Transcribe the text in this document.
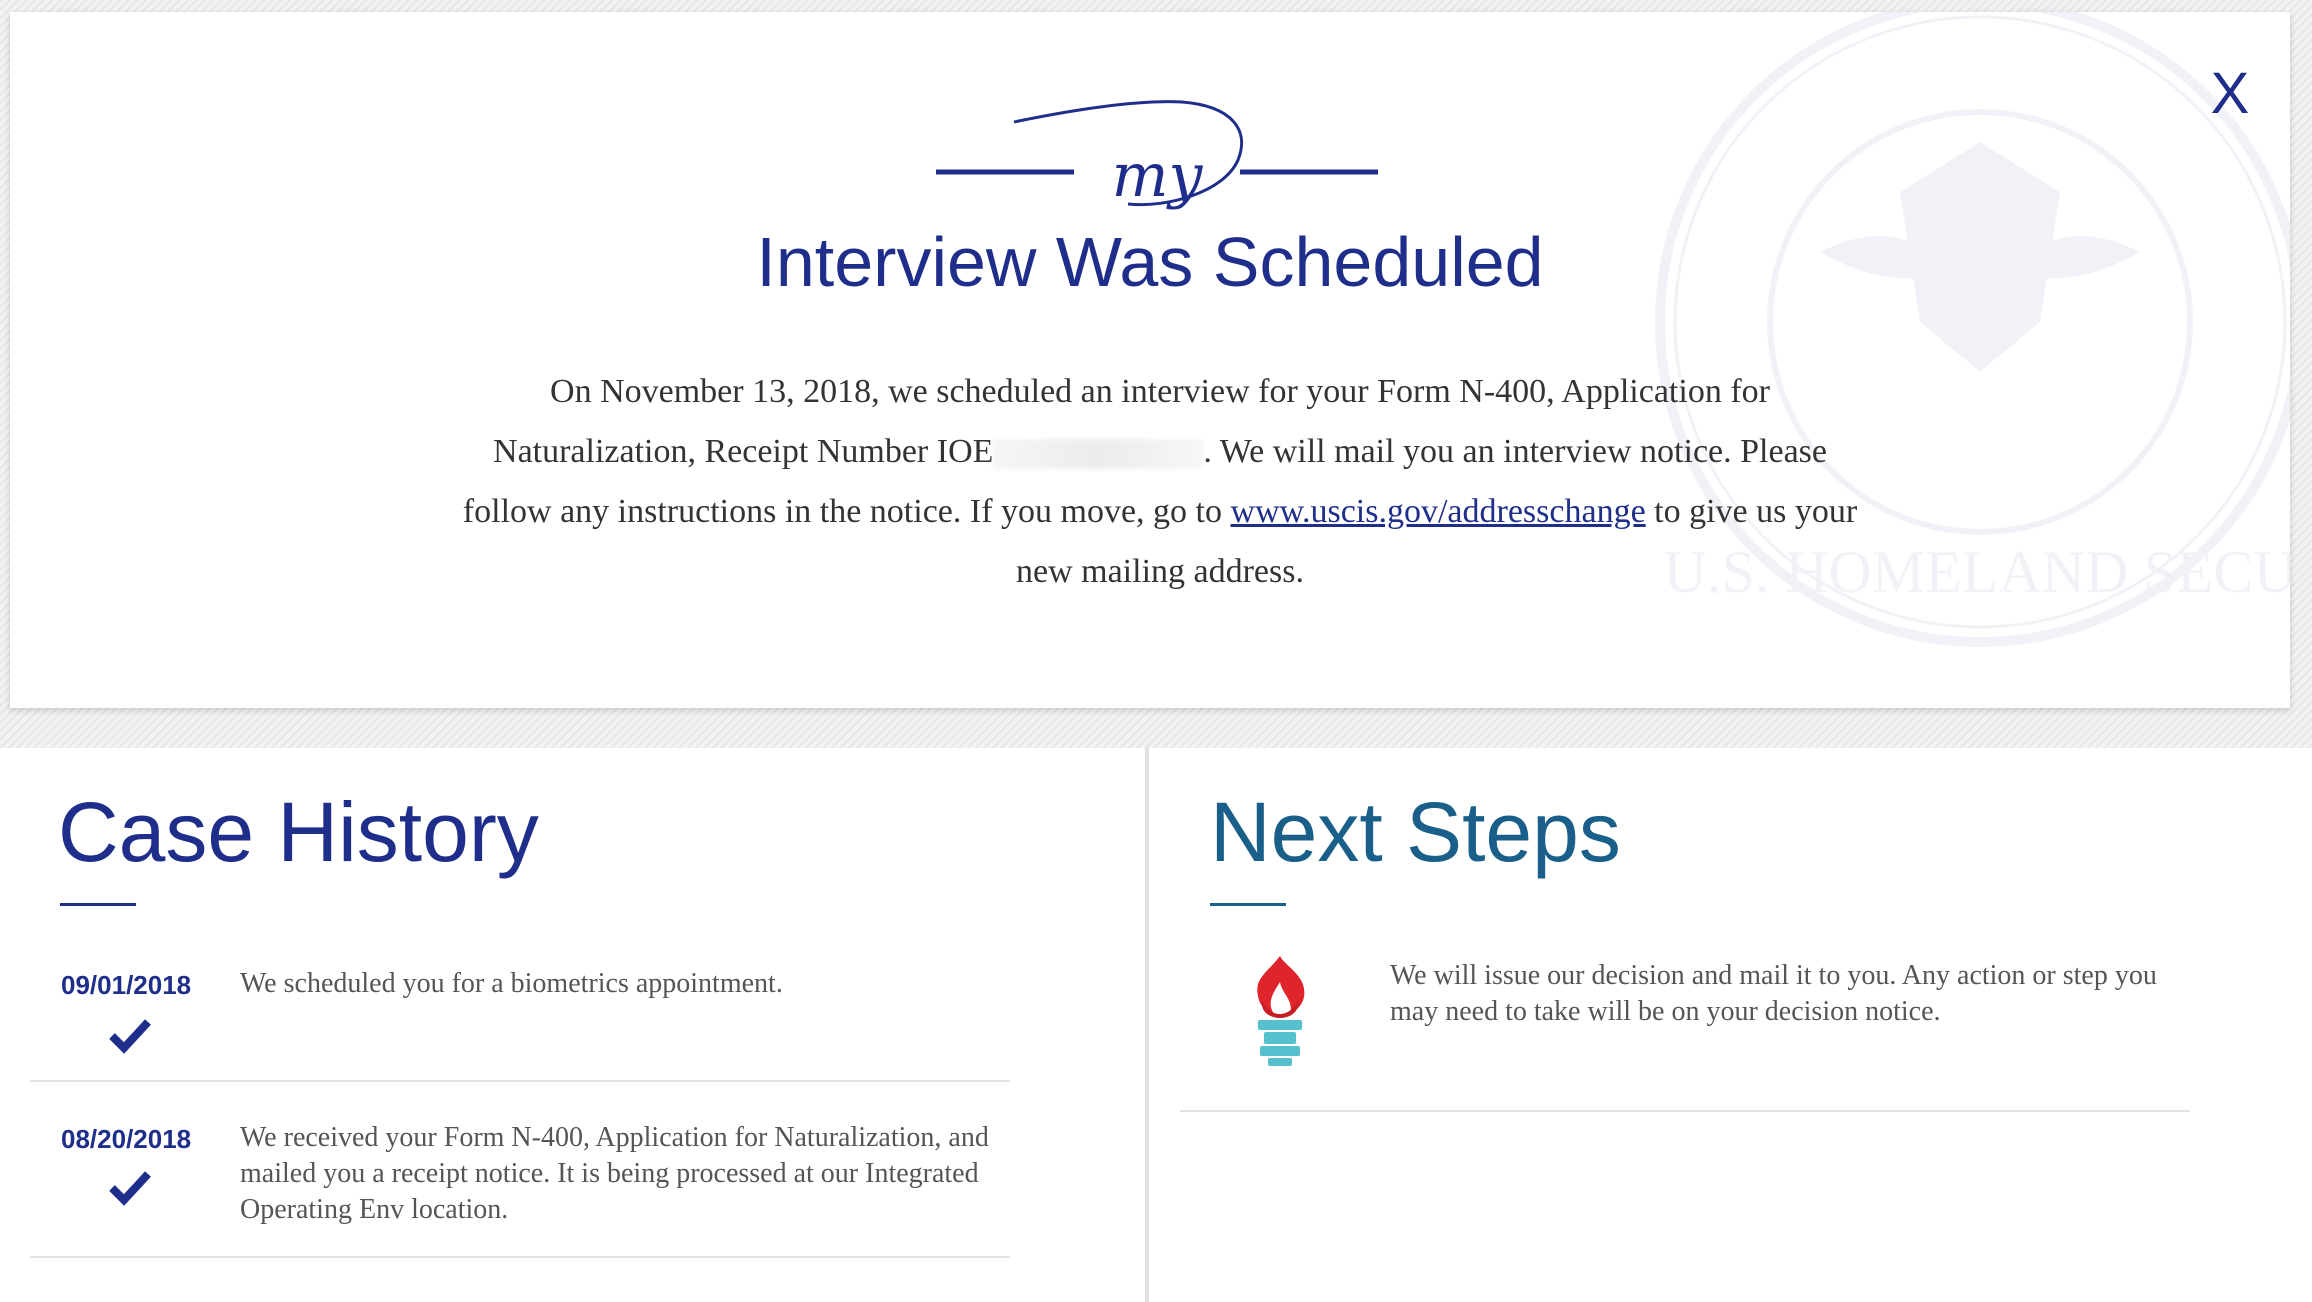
U.S. HOMELAND SECU
X
my
Interview Was Scheduled

On November 13, 2018, we scheduled an interview for your Form N-400, Application for Naturalization, Receipt Number IOE	. We will mail you an interview notice. Please follow any instructions in the notice. If you move, go to www.uscis.gov/addresschange to give us your new mailing address.

Case History
09/01/2018 We scheduled you for a biometrics appointment.
08/20/2018 We received your Form N-400, Application for Naturalization, and mailed you a receipt notice. It is being processed at our Integrated Operating Env location.
Next Steps
We will issue our decision and mail it to you. Any action or step you may need to take will be on your decision notice.
